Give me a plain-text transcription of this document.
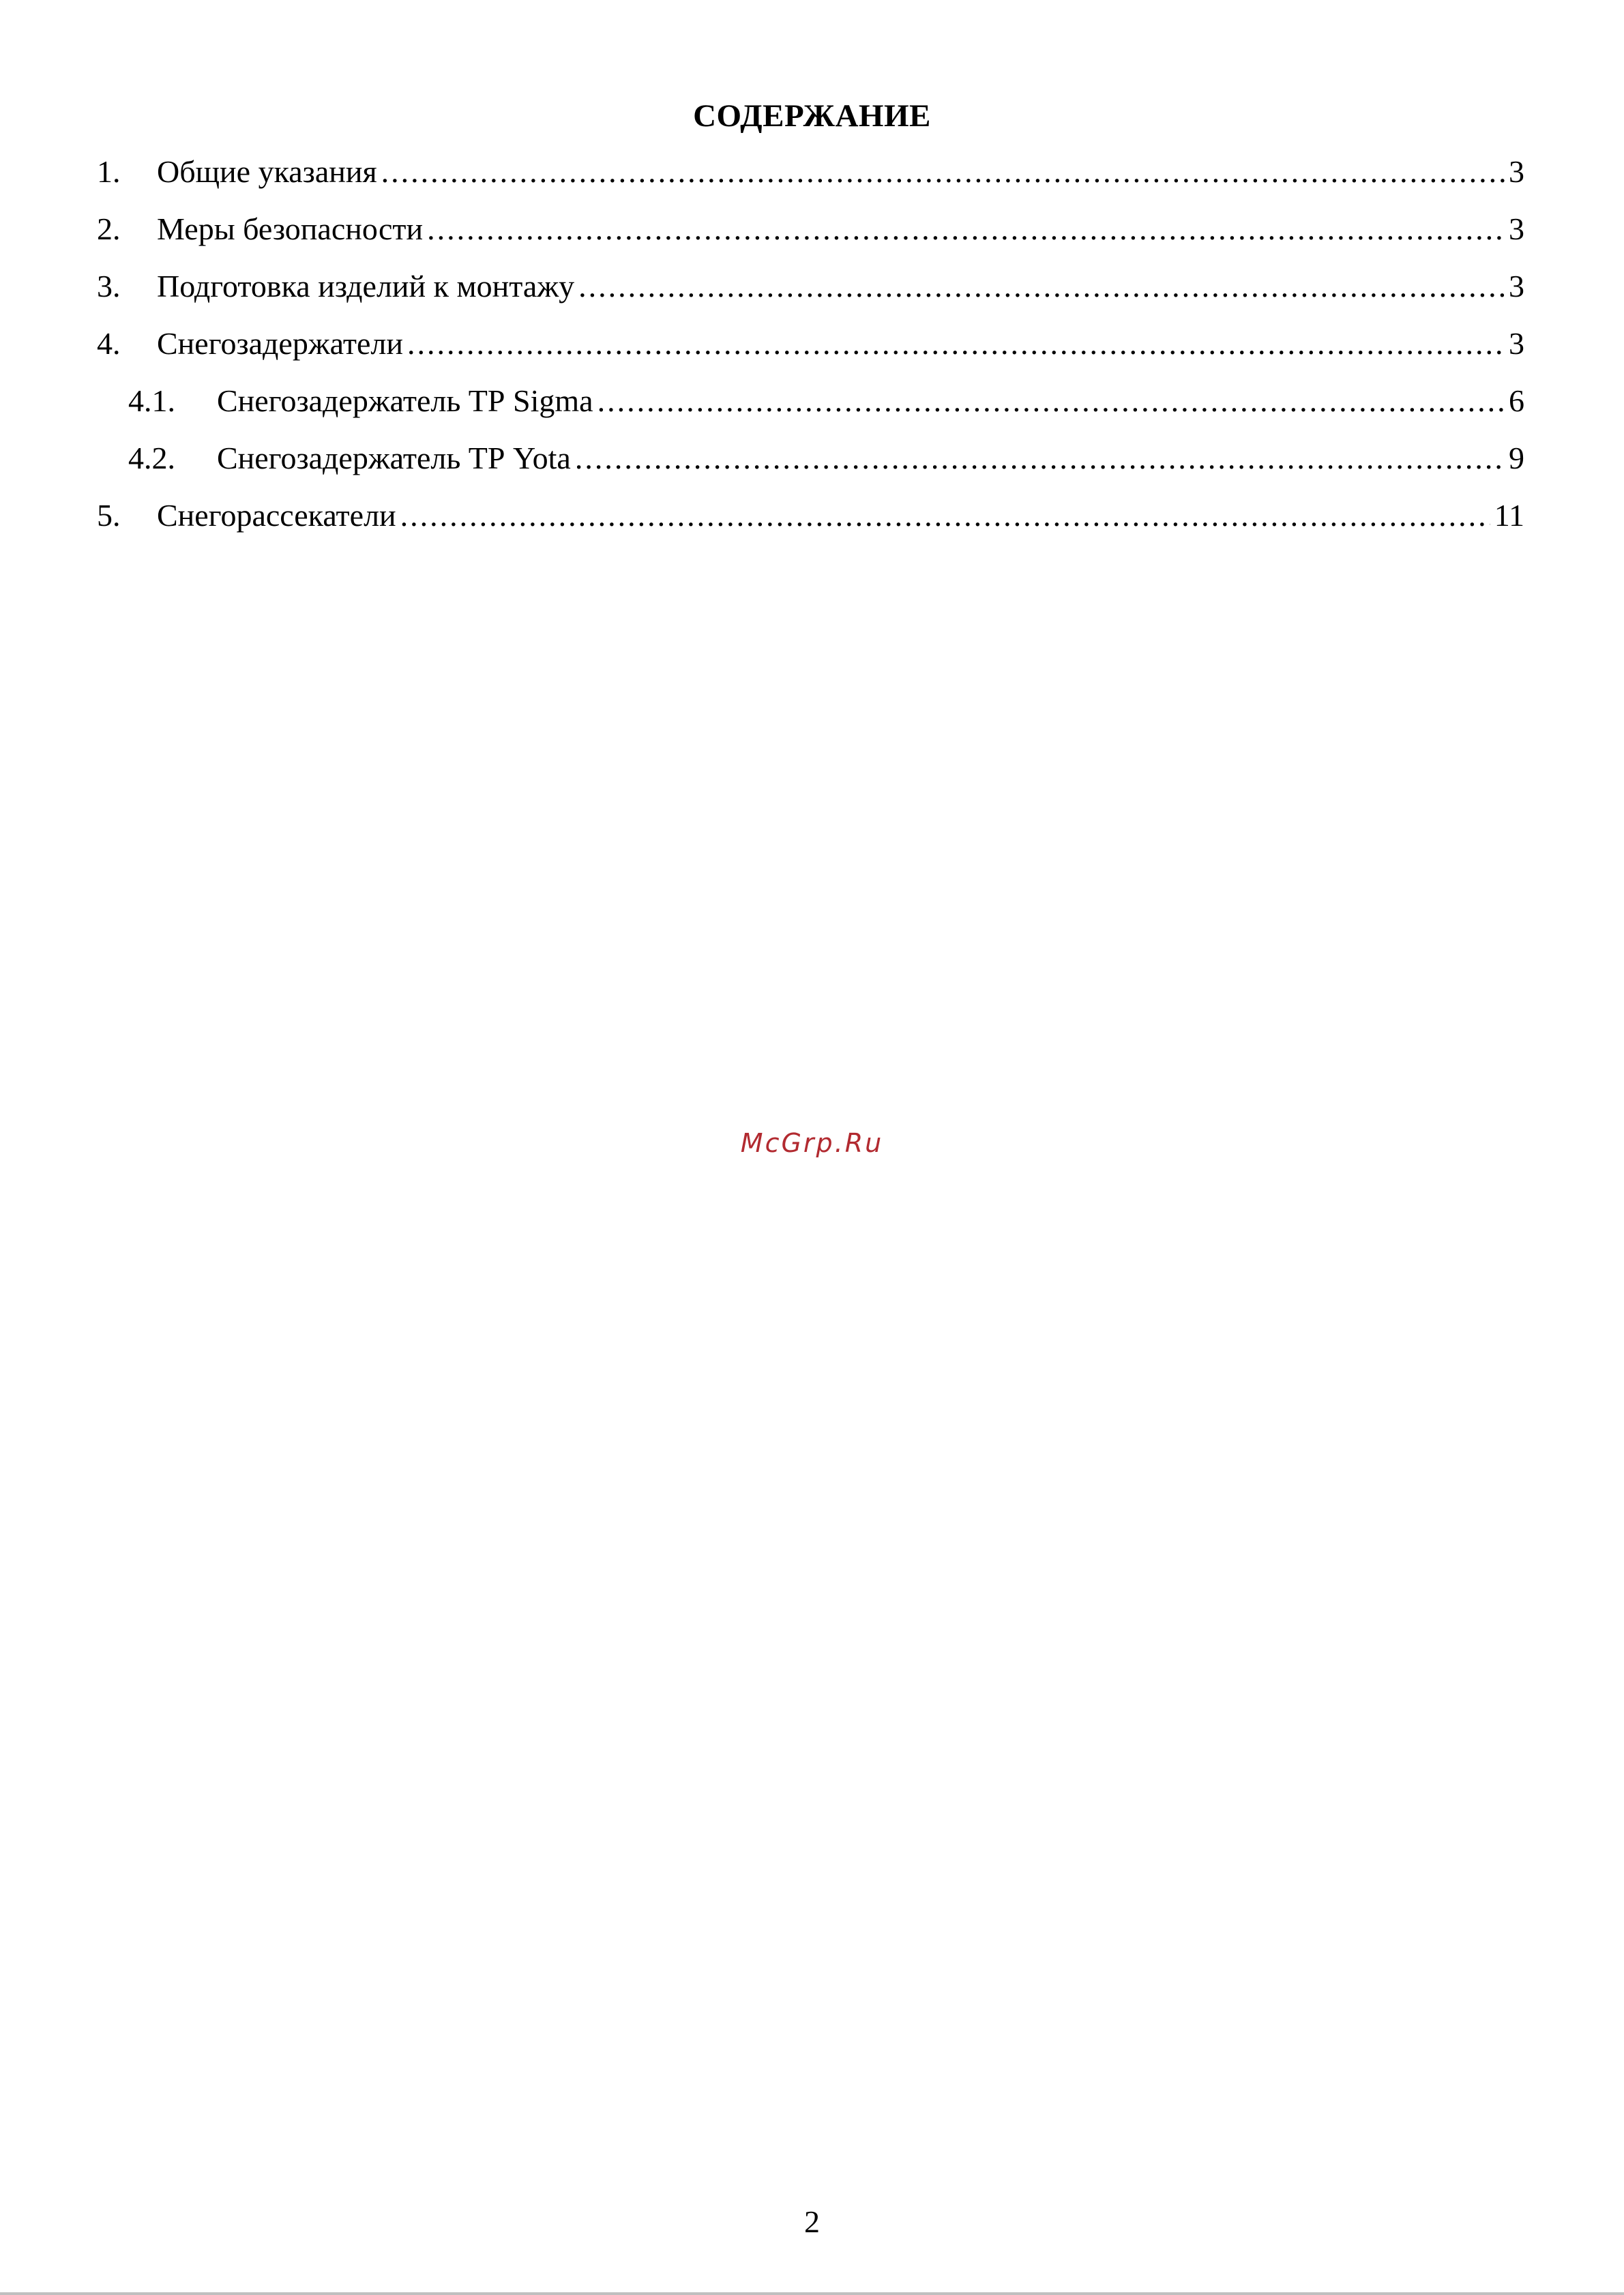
СОДЕРЖАНИЕ
1.	Общие указания .....	3
2.	Меры безопасности .....	3
3.	Подготовка изделий к монтажу .....	3
4.	Снегозадержатели .....	3
4.1.	Снегозадержатель ТР Sigma .....	6
4.2.	Снегозадержатель ТР Yota .....	9
5.	Снегорассекатели .....	11
McGrp.Ru
2
